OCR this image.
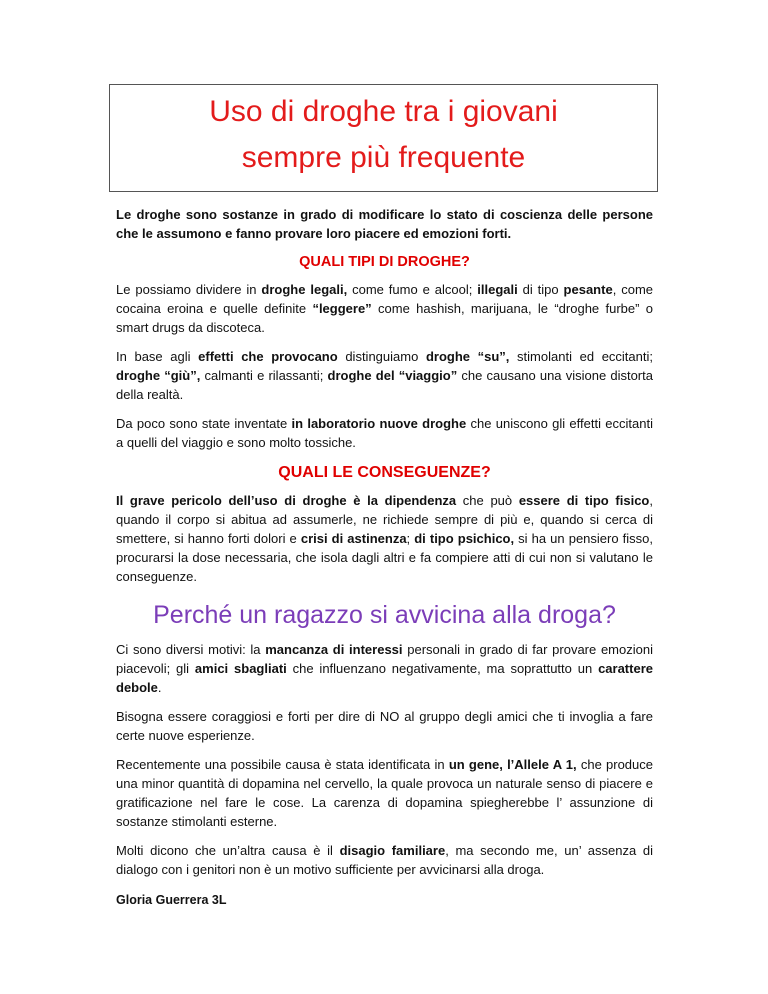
Uso di droghe tra i giovani
sempre più frequente

Le droghe sono sostanze in grado di modificare lo stato di coscienza delle persone che le assumono e fanno provare loro piacere ed emozioni forti.

QUALI TIPI DI DROGHE?

Le possiamo dividere in droghe legali, come fumo e alcool; illegali di tipo pesante, come cocaina eroina e quelle definite “leggere” come hashish, marijuana, le “droghe furbe” o smart drugs da discoteca.

In base agli effetti che provocano distinguiamo droghe “su”, stimolanti ed eccitanti; droghe “giù”, calmanti e rilassanti; droghe del “viaggio” che causano una visione distorta della realtà.

Da poco sono state inventate in laboratorio nuove droghe che uniscono gli effetti eccitanti a quelli del viaggio e sono molto tossiche.

QUALI LE CONSEGUENZE?

Il grave pericolo dell’uso di droghe è la dipendenza che può essere di tipo fisico, quando il corpo si abitua ad assumerle, ne richiede sempre di più e, quando si cerca di smettere, si hanno forti dolori e crisi di astinenza; di tipo psichico, si ha un pensiero fisso, procurarsi la dose necessaria, che isola dagli altri e fa compiere atti di cui non si valutano le conseguenze.

Perché un ragazzo si avvicina alla droga?

Ci sono diversi motivi: la mancanza di interessi personali in grado di far provare emozioni piacevoli; gli amici sbagliati che influenzano negativamente, ma soprattutto un carattere debole.

Bisogna essere coraggiosi e forti per dire di NO al gruppo degli amici che ti invoglia a fare certe nuove esperienze.

Recentemente una possibile causa è stata identificata in un gene, l’Allele A 1, che produce una minor quantità di dopamina nel cervello, la quale provoca un naturale senso di piacere e gratificazione nel fare le cose. La carenza di dopamina spiegherebbe l’ assunzione di sostanze stimolanti esterne.

Molti dicono che un’altra causa è il disagio familiare, ma secondo me, un’ assenza di dialogo con i genitori non è un motivo sufficiente per avvicinarsi alla droga.

Gloria Guerrera 3L
